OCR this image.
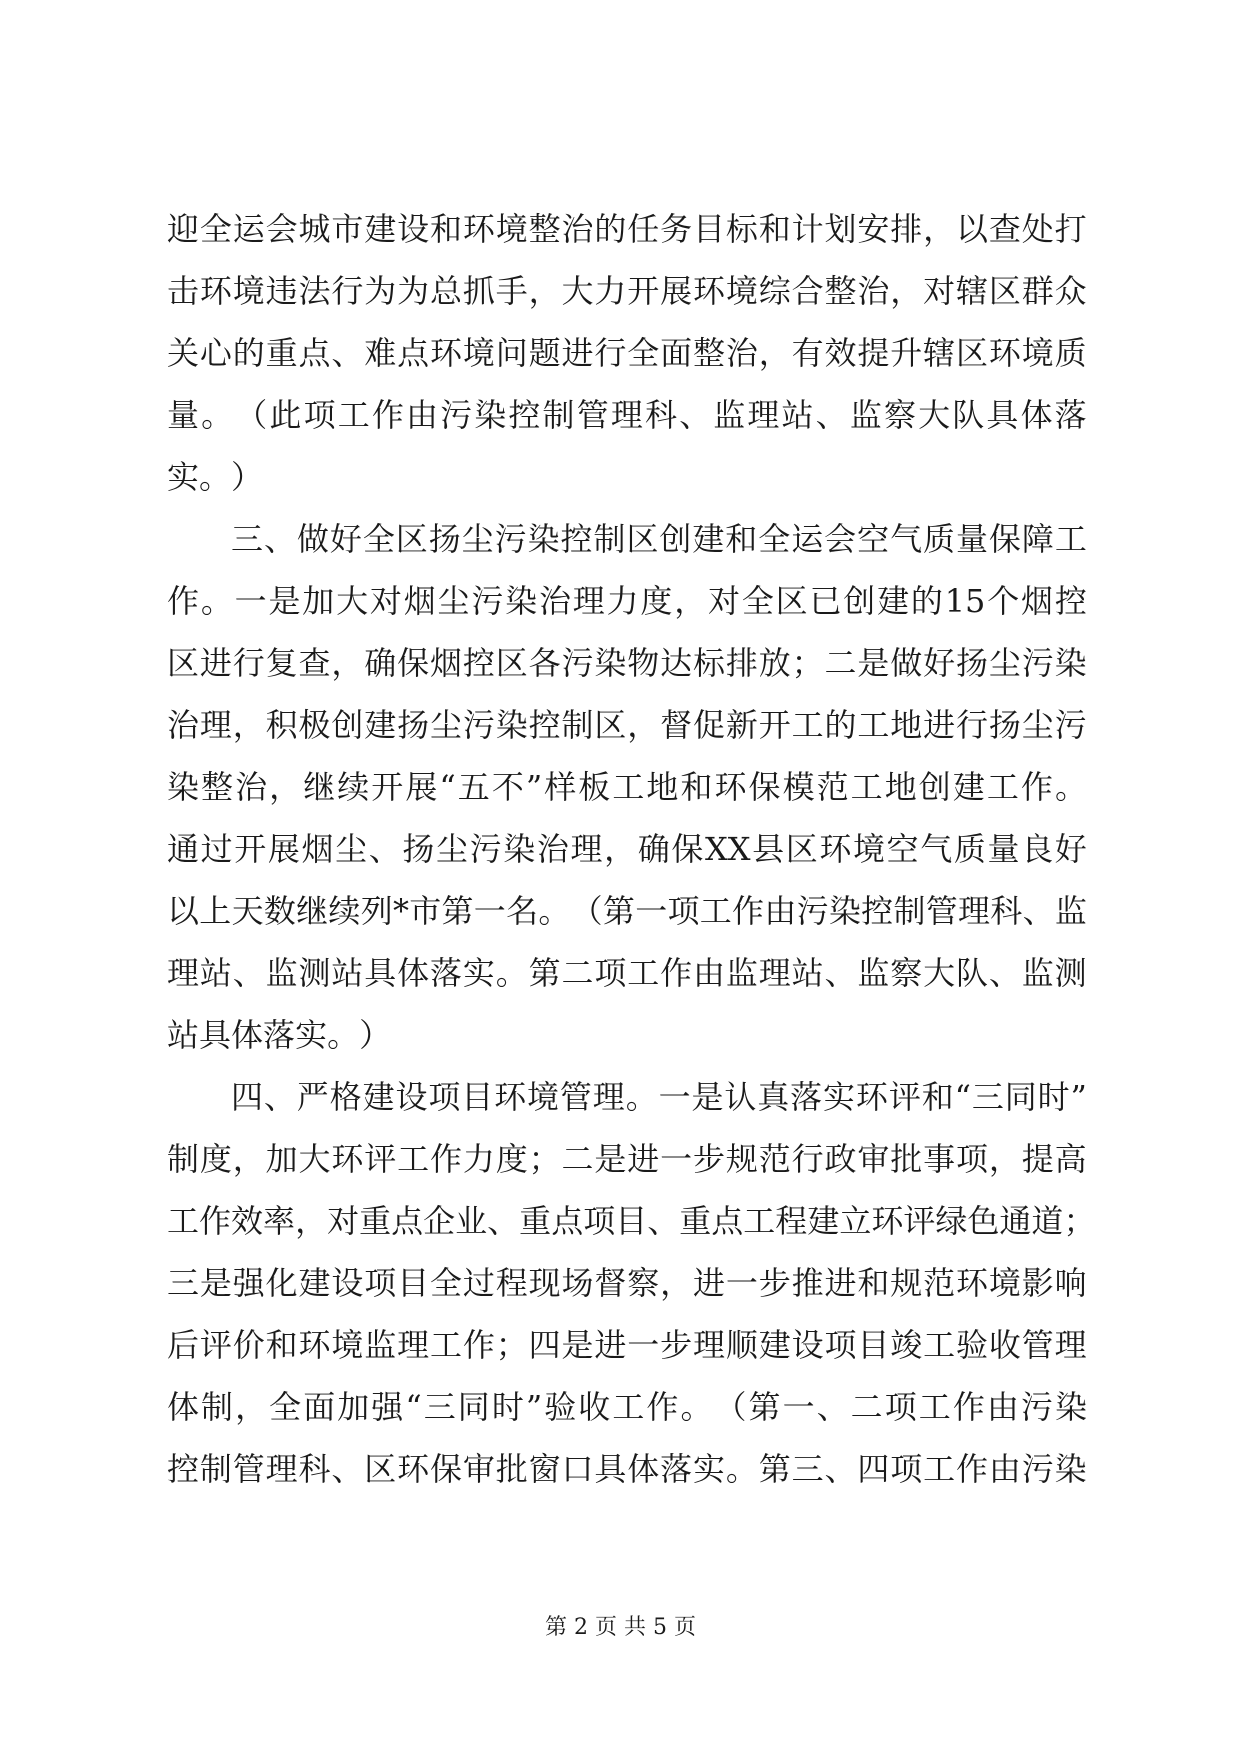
迎 全 运 会 城 市 建 设 和 环 境 整 治 的 任 务 目 标 和 计 划 安 排 ， 以 查 处 打
击 环 境 违 法 行 为 为 总 抓 手 ， 大 力 开 展 环 境 综 合 整 治 ， 对 辖 区 群 众
关 心 的 重 点 、 难 点 环 境 问 题 进 行 全 面 整 治 ， 有 效 提 升 辖 区 环 境 质
量 。 （ 此 项 工 作 由 污 染 控 制 管 理 科 、 监 理 站 、 监 察 大 队 具 体 落
实 。 ）
三 、 做 好 全 区 扬 尘 污 染 控 制 区 创 建 和 全 运 会 空 气 质 量 保 障 工
作 。 一 是 加 大 对 烟 尘 污 染 治 理 力 度 ， 对 全 区 已 创 建 的 15 个 烟 控
区 进 行 复 查 ， 确 保 烟 控 区 各 污 染 物 达 标 排 放 ； 二 是 做 好 扬 尘 污 染
治 理 ， 积 极 创 建 扬 尘 污 染 控 制 区 ， 督 促 新 开 工 的 工 地 进 行 扬 尘 污
染 整 治 ， 继 续 开 展 “ 五 不 ” 样 板 工 地 和 环 保 模 范 工 地 创 建 工 作 。
通 过 开 展 烟 尘 、 扬 尘 污 染 治 理 ， 确 保 XX 县 区 环 境 空 气 质 量 良 好
以 上 天 数 继 续 列 * 市 第 一 名 。 （ 第 一 项 工 作 由 污 染 控 制 管 理 科 、 监
理 站 、 监 测 站 具 体 落 实 。 第 二 项 工 作 由 监 理 站 、 监 察 大 队 、 监 测
站 具 体 落 实 。 ）
四 、 严 格 建 设 项 目 环 境 管 理 。 一 是 认 真 落 实 环 评 和 “ 三 同 时 ”
制 度 ， 加 大 环 评 工 作 力 度 ； 二 是 进 一 步 规 范 行 政 审 批 事 项 ， 提 高
工 作 效 率 ， 对 重 点 企 业 、 重 点 项 目 、 重 点 工 程 建 立 环 评 绿 色 通 道 ；
三 是 强 化 建 设 项 目 全 过 程 现 场 督 察 ， 进 一 步 推 进 和 规 范 环 境 影 响
后 评 价 和 环 境 监 理 工 作 ； 四 是 进 一 步 理 顺 建 设 项 目 竣 工 验 收 管 理
体 制 ， 全 面 加 强 “ 三 同 时 ” 验 收 工 作 。 （ 第 一 、 二 项 工 作 由 污 染
控 制 管 理 科 、 区 环 保 审 批 窗 口 具 体 落 实 。 第 三 、 四 项 工 作 由 污 染
第 2 页 共 5 页
